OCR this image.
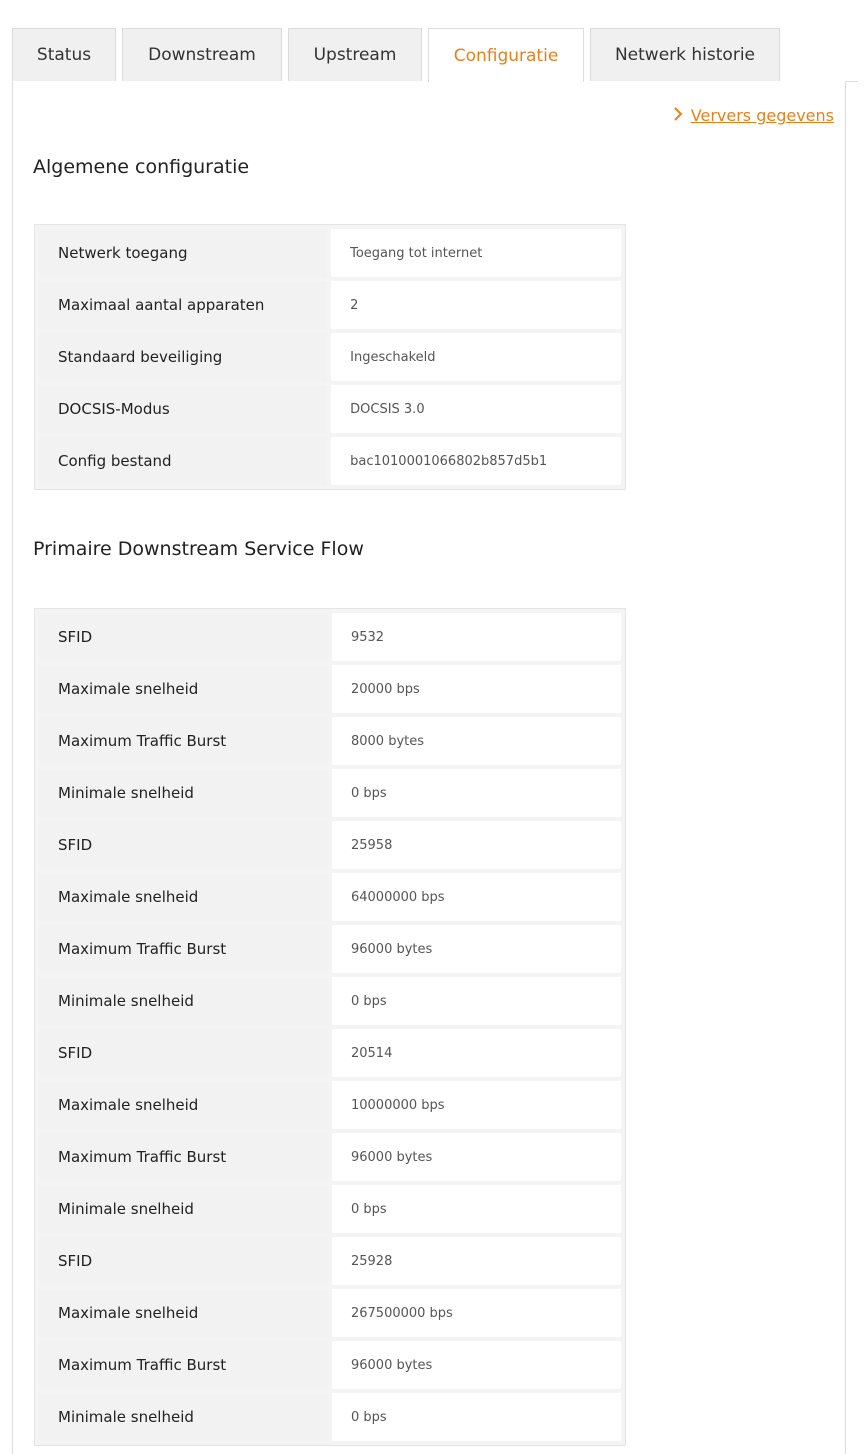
Status	Downstream	Upstream	Configuratie	Netwerk historie
Ververs gegevens
Algemene configuratie
Netwerk toegang	Toegang tot internet
Maximaal aantal apparaten	2
Standaard beveiliging	Ingeschakeld
DOCSIS-Modus	DOCSIS 3.0
Config bestand	bac1010001066802b857d5b1
Primaire Downstream Service Flow
SFID	9532
Maximale snelheid	20000 bps
Maximum Traffic Burst	8000 bytes
Minimale snelheid	0 bps
SFID	25958
Maximale snelheid	64000000 bps
Maximum Traffic Burst	96000 bytes
Minimale snelheid	0 bps
SFID	20514
Maximale snelheid	10000000 bps
Maximum Traffic Burst	96000 bytes
Minimale snelheid	0 bps
SFID	25928
Maximale snelheid	267500000 bps
Maximum Traffic Burst	96000 bytes
Minimale snelheid	0 bps
